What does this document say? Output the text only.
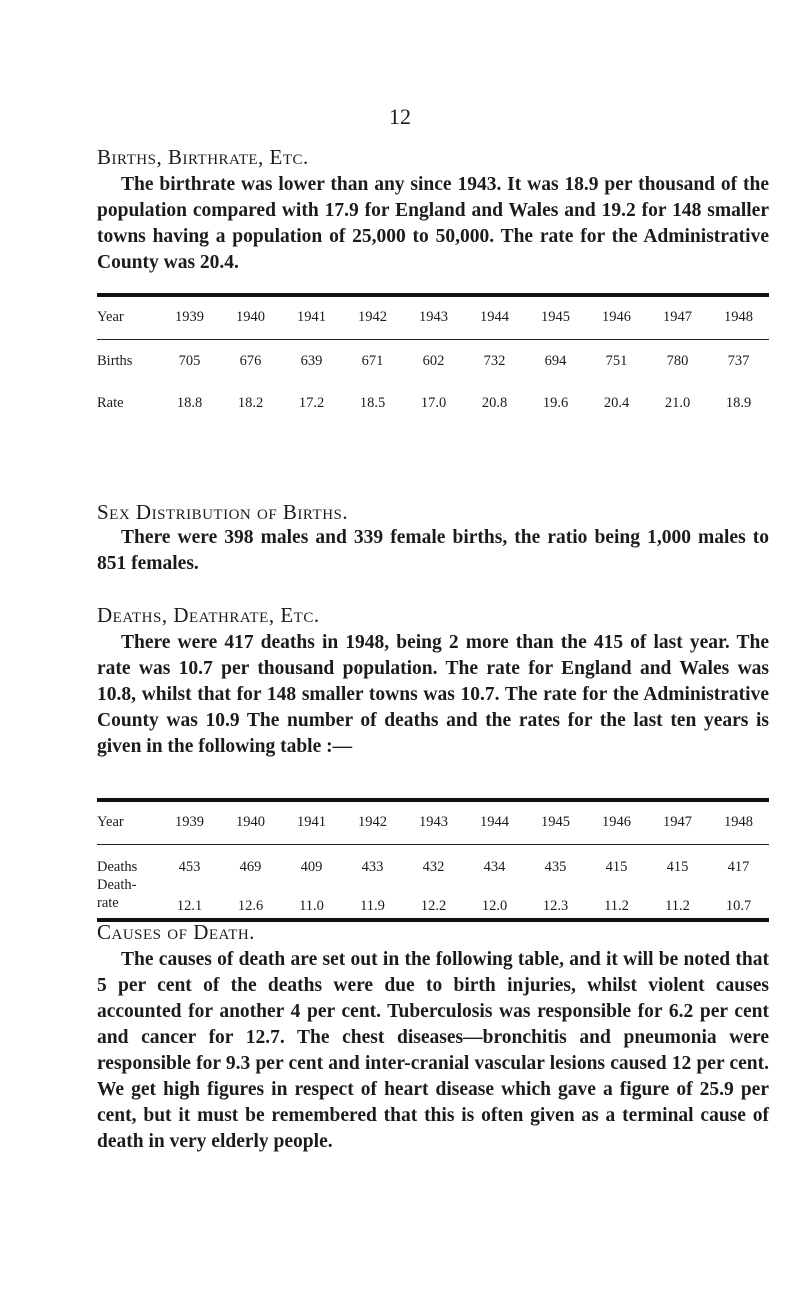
12
Births, Birthrate, Etc.

The birthrate was lower than any since 1943. It was 18.9 per thousand of the population compared with 17.9 for England and Wales and 19.2 for 148 smaller towns having a population of 25,000 to 50,000. The rate for the Administrative County was 20.4.

Year	1939	1940	1941	1942	1943	1944	1945	1946	1947	1948
Births	705	676	639	671	602	732	694	751	780	737
Rate	18.8	18.2	17.2	18.5	17.0	20.8	19.6	20.4	21.0	18.9
Sex Distribution of Births.

There were 398 males and 339 female births, the ratio being 1,000 males to 851 females.

Deaths, Deathrate, Etc.

There were 417 deaths in 1948, being 2 more than the 415 of last year. The rate was 10.7 per thousand population. The rate for England and Wales was 10.8, whilst that for 148 smaller towns was 10.7. The rate for the Administrative County was 10.9 The number of deaths and the rates for the last ten years is given in the following table :—

Year	1939	1940	1941	1942	1943	1944	1945	1946	1947	1948
Deaths	453	469	409	433	432	434	435	415	415	417
Death-
rate	12.1	12.6	11.0	11.9	12.2	12.0	12.3	11.2	11.2	10.7
Causes of Death.

The causes of death are set out in the following table, and it will be noted that 5 per cent of the deaths were due to birth injuries, whilst violent causes accounted for another 4 per cent. Tuberculosis was responsible for 6.2 per cent and cancer for 12.7. The chest diseases—bronchitis and pneumonia were responsible for 9.3 per cent and inter-cranial vascular lesions caused 12 per cent. We get high figures in respect of heart disease which gave a figure of 25.9 per cent, but it must be remembered that this is often given as a terminal cause of death in very elderly people.
